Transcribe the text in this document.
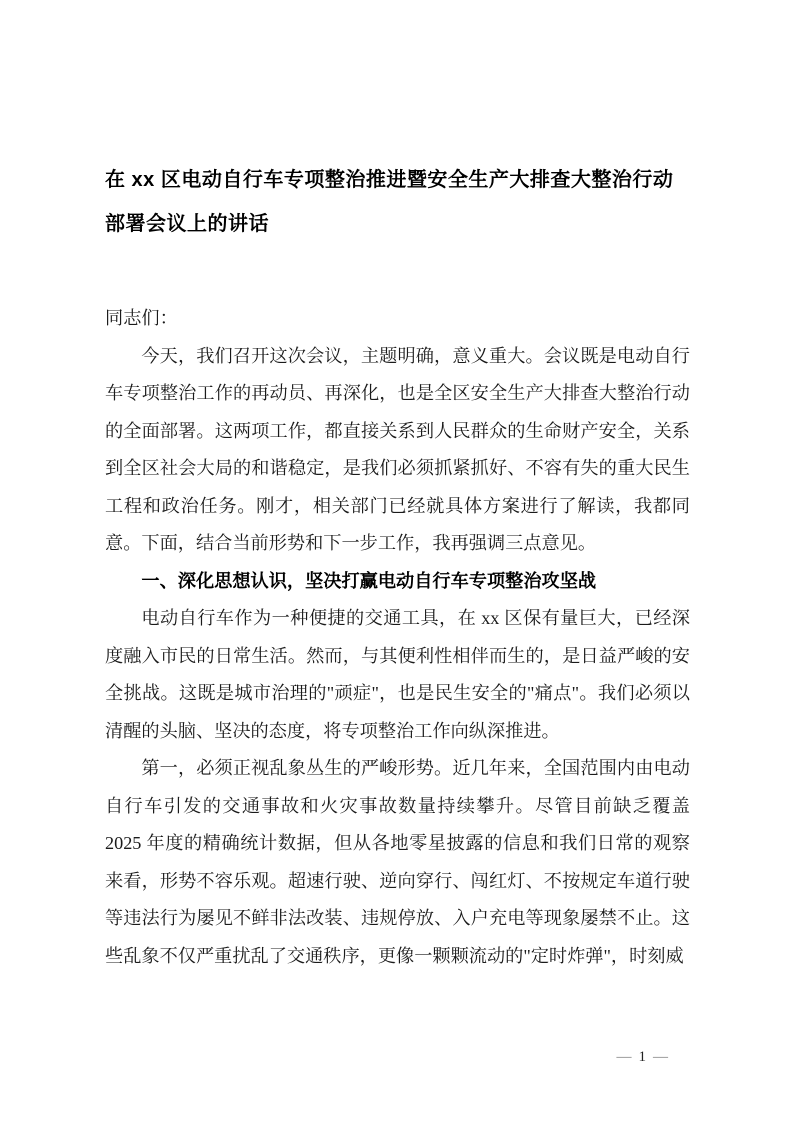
在 xx 区电动自行车专项整治推进暨安全生产大排查大整治行动部署会议上的讲话

同志们：

今天，我们召开这次会议，主题明确，意义重大。会议既是电动自行车专项整治工作的再动员、再深化，也是全区安全生产大排查大整治行动的全面部署。这两项工作，都直接关系到人民群众的生命财产安全，关系到全区社会大局的和谐稳定，是我们必须抓紧抓好、不容有失的重大民生工程和政治任务。刚才，相关部门已经就具体方案进行了解读，我都同意。下面，结合当前形势和下一步工作，我再强调三点意见。

一、深化思想认识，坚决打赢电动自行车专项整治攻坚战

电动自行车作为一种便捷的交通工具，在 xx 区保有量巨大，已经深度融入市民的日常生活。然而，与其便利性相伴而生的，是日益严峻的安全挑战。这既是城市治理的"顽症"，也是民生安全的"痛点"。我们必须以清醒的头脑、坚决的态度，将专项整治工作向纵深推进。

第一，必须正视乱象丛生的严峻形势。近几年来，全国范围内由电动自行车引发的交通事故和火灾事故数量持续攀升。尽管目前缺乏覆盖 2025 年度的精确统计数据，但从各地零星披露的信息和我们日常的观察来看，形势不容乐观。超速行驶、逆向穿行、闯红灯、不按规定车道行驶等违法行为屡见不鲜非法改装、违规停放、入户充电等现象屡禁不止。这些乱象不仅严重扰乱了交通秩序，更像一颗颗流动的"定时炸弹"，时刻威

— 1 —
